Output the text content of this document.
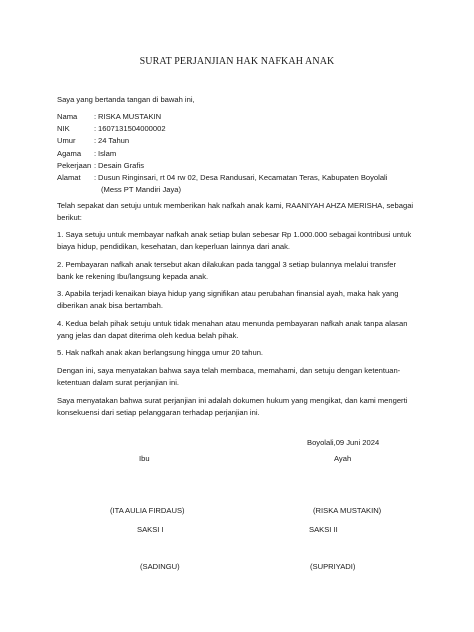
SURAT PERJANJIAN HAK NAFKAH ANAK
Saya yang bertanda tangan di bawah ini,
Nama : RISKA MUSTAKIN
NIK	: 1607131504000002
Umur : 24 Tahun
Agama : Islam
Pekerjaan : Desain Grafis
Alamat : Dusun Ringinsari, rt 04 rw 02, Desa Randusari, Kecamatan Teras, Kabupaten Boyolali
(Mess PT Mandiri Jaya)
Telah sepakat dan setuju untuk memberikan hak nafkah anak kami, RAANIYAH AHZA MERISHA, sebagai
berikut:
1. Saya setuju untuk membayar nafkah anak setiap bulan sebesar Rp 1.000.000 sebagai kontribusi untuk
biaya hidup, pendidikan, kesehatan, dan keperluan lainnya dari anak.
2. Pembayaran nafkah anak tersebut akan dilakukan pada tanggal 3 setiap bulannya melalui transfer
bank ke rekening Ibu/langsung kepada anak.
3. Apabila terjadi kenaikan biaya hidup yang signifikan atau perubahan finansial ayah, maka hak yang
diberikan anak bisa bertambah.
4. Kedua belah pihak setuju untuk tidak menahan atau menunda pembayaran nafkah anak tanpa alasan
yang jelas dan dapat diterima oleh kedua belah pihak.
5. Hak nafkah anak akan berlangsung hingga umur 20 tahun.
Dengan ini, saya menyatakan bahwa saya telah membaca, memahami, dan setuju dengan ketentuan-
ketentuan dalam surat perjanjian ini.
Saya menyatakan bahwa surat perjanjian ini adalah dokumen hukum yang mengikat, dan kami mengerti
konsekuensi dari setiap pelanggaran terhadap perjanjian ini.
Boyolali,09 Juni 2024
Ibu	Ayah
(ITA AULIA FIRDAUS)	(RISKA MUSTAKIN)
SAKSI I	SAKSI II
(SADINGU)	(SUPRIYADI)
